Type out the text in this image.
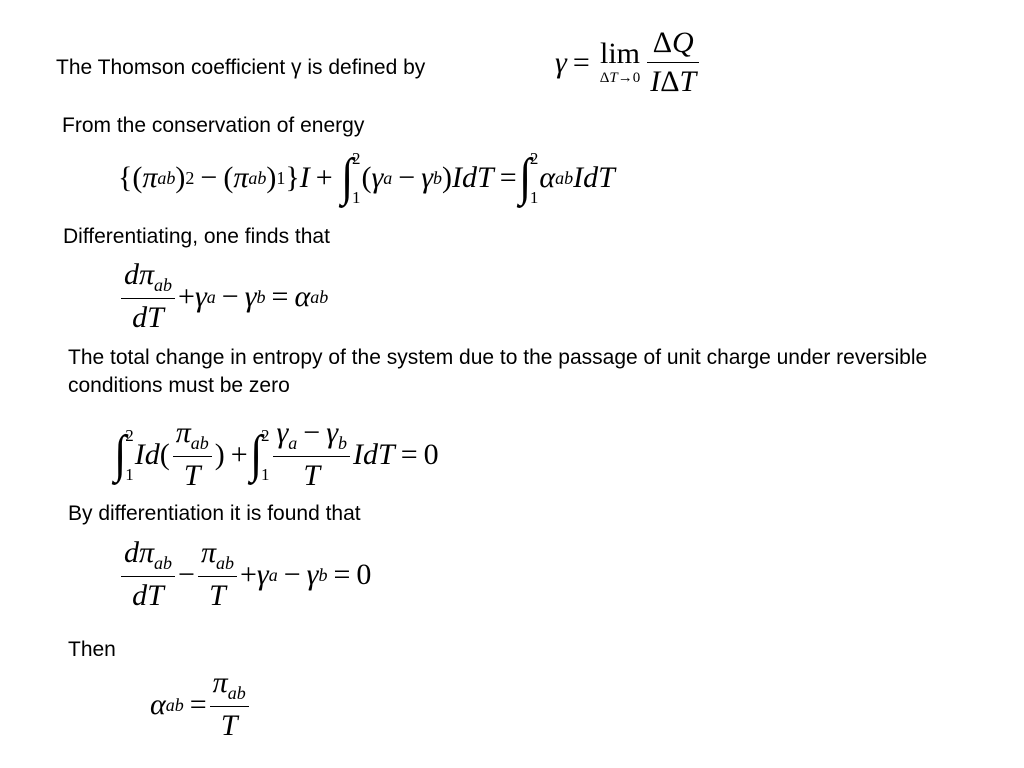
The Thomson coefficient γ is defined by
From the conservation of energy
Differentiating, one finds that
The total change in entropy of the system due to the passage of unit charge under reversible conditions must be zero
By differentiation it is found that
Then
γ = lim
$\Delta T\to 0 \frac{\Delta Q}{\text{IΔT}}$
{( π ab ) 2 − ( π ab ) 1 } I + ∫ 2
1
( γ a − γ b ) IdT = ∫ 2
1
α ab IdT
$\frac{d\pi_{ab}}{dT} + \gamma$ a − γ b = α ab
∫ 2
1
Id ( $\frac{\pi_{ab}}{T}$ ) + ∫ 2
$1 \frac{\gamma_a - \gamma_b}{T}$ IdT = 0
$\frac{d\pi_{ab}}{dT} - \frac{\pi_{ab}}{T} + \gamma$ a − γ b = 0
α ab = $\frac{\pi_{ab}}{T}$
